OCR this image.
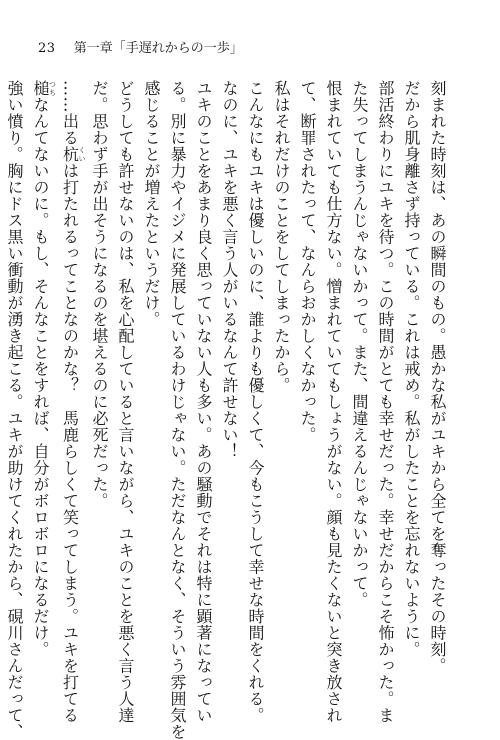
23 第一章「手遅れからの一歩」
刻まれた時刻は、あの瞬間のもの。愚かな私がユキから全てを奪ったその時刻。
だから肌身離さず持っている。これは戒め。私がしたことを忘れないように。
部活終わりにユキを待つ。この時間がとても幸せだった。幸せだからこそ怖かった。ま
た失ってしまうんじゃないかって。また、間違えるんじゃないかって。
恨まれていても仕方ない。憎まれていてもしょうがない。顔も見たくないと突き放され
て、断罪されたって、なんらおかしくなかった。
私はそれだけのことをしてしまったから。
こんなにもユキは優しいのに、誰よりも優しくて、今もこうして幸せな時間をくれる。
なのに、ユキを悪く言う人がいるなんて許せない！
ユキのことをあまり良く思っていない人も多い。あの騒動でそれは特に顕著になってい
る。別に暴力やイジメに発展しているわけじゃない。ただなんとなく、そういう雰囲気を
感じることが増えたというだけ。
どうしても許せないのは、私を心配していると言いながら、ユキのことを悪く言う人達
だ。思わず手が出そうになるのを堪えるのに必死だった。
……出る杭くいは打たれるってことなのかな？　馬鹿らしくて笑ってしまう。ユキを打てる
槌つちなんてないのに。もし、そんなことをすれば、自分がボロボロになるだけ。
強い憤り。胸にドス黒い衝動が湧き起こる。ユキが助けてくれたから、硯川さんだって、
